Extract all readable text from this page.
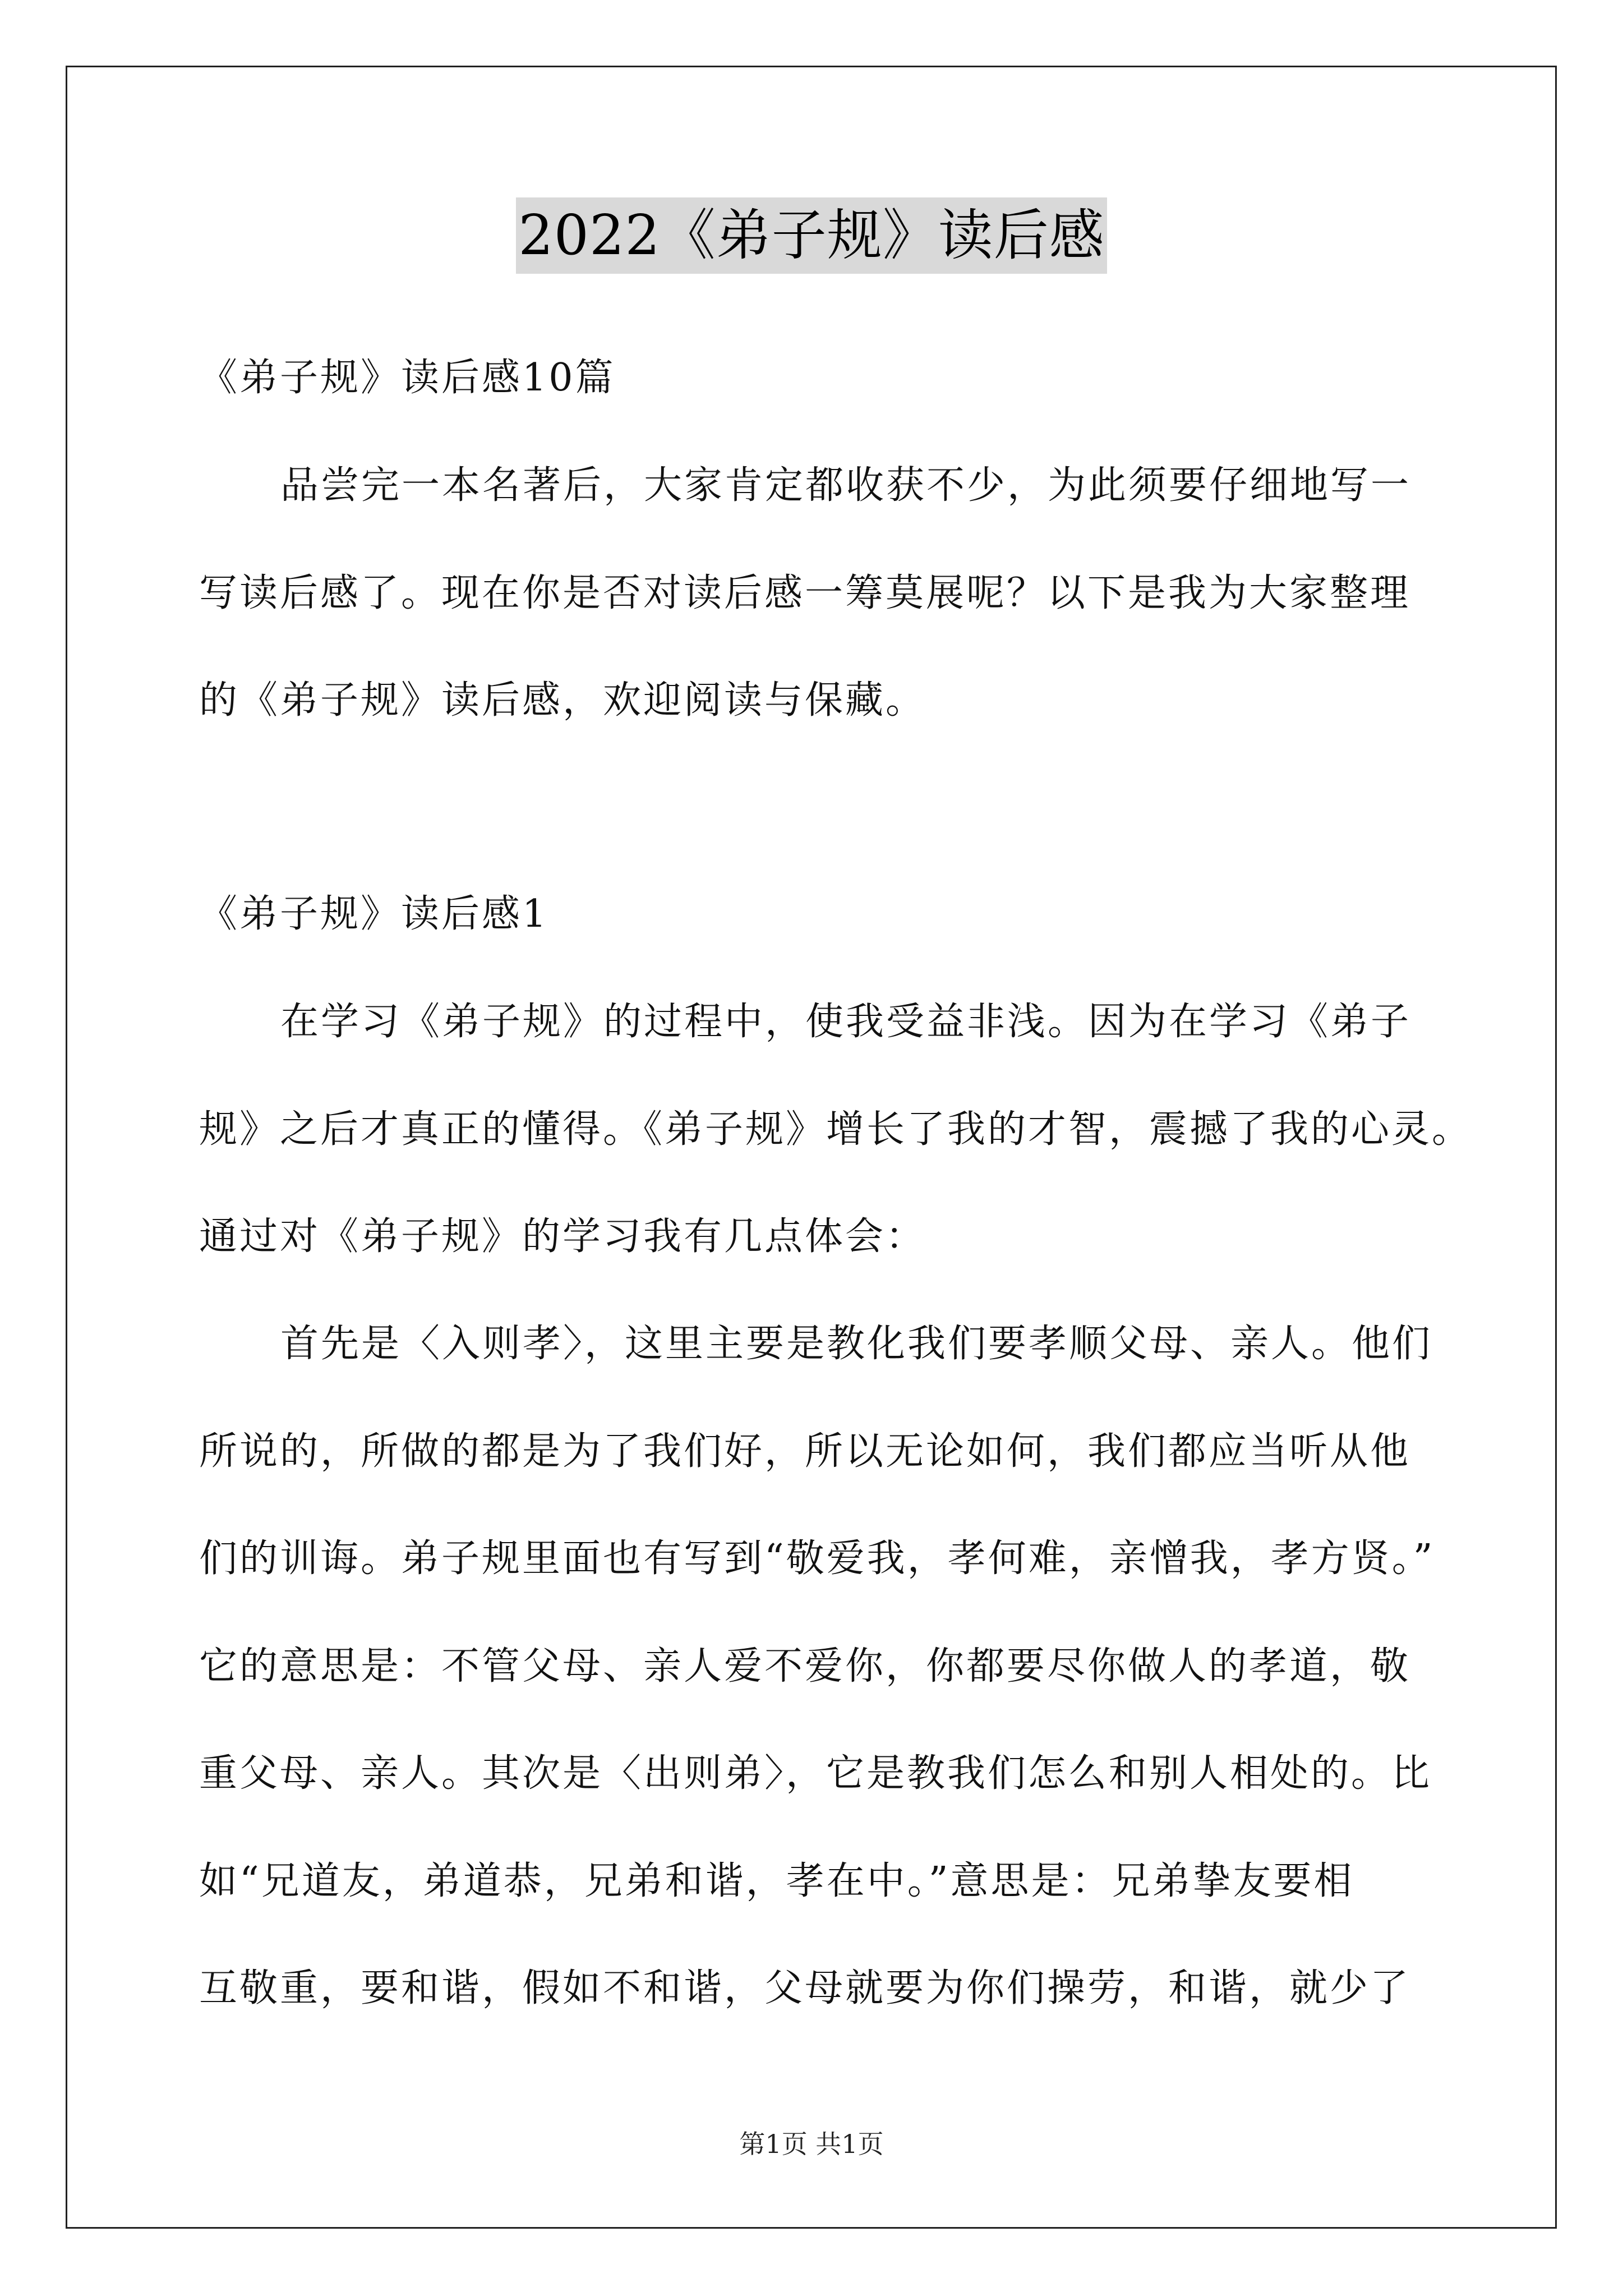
2022《弟子规》读后感
《弟子规》读后感10篇
品尝完一本名著后，大家肯定都收获不少，为此须要仔细地写一
写读后感了。现在你是否对读后感一筹莫展呢？以下是我为大家整理
的《弟子规》读后感，欢迎阅读与保藏。
《弟子规》读后感1
在学习《弟子规》的过程中，使我受益非浅。因为在学习《弟子
规》之后才真正的懂得。《弟子规》增长了我的才智，震撼了我的心灵。
通过对《弟子规》的学习我有几点体会：
首先是〈入则孝〉，这里主要是教化我们要孝顺父母、亲人。他们
所说的，所做的都是为了我们好，所以无论如何，我们都应当听从他
们的训诲。弟子规里面也有写到“敬爱我，孝何难，亲憎我，孝方贤。”
它的意思是：不管父母、亲人爱不爱你，你都要尽你做人的孝道，敬
重父母、亲人。其次是〈出则弟〉，它是教我们怎么和别人相处的。比
如“兄道友，弟道恭，兄弟和谐，孝在中。”意思是：兄弟挚友要相
互敬重，要和谐，假如不和谐，父母就要为你们操劳，和谐，就少了
第1页 共1页
